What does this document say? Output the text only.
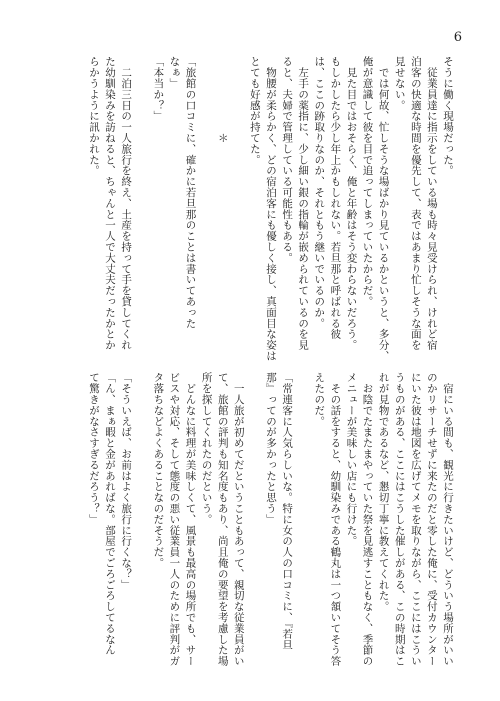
6

そうに働く現場だった。

　従業員達に指示をしている場も時々見受けられ、けれど宿

泊客の快適な時間を優先して、表ではあまり忙しそうな面を

見せない。

　では何故、忙しそうな場ばかり見ているかというと、多分、

俺が意識して彼を目で追ってしまっていたからだ。

　見た目ではおそらく、俺と年齢はそう変わらないだろう。

もしかしたら少し年上かもしれない。若旦那と呼ばれる彼

は、ここの跡取りなのか、それともう継いでいるのか。

　左手の薬指に、少し細い銀の指輪が嵌められているのを見

ると、夫婦で管理している可能性もある。

　物腰が柔らかく、どの宿泊客にも優しく接し、真面目な姿は

とても好感が持てた。

　　　　　　　＊

「旅館の口コミに、確かに若旦那のことは書いてあった

なぁ」

「本当か？」

　二泊三日の一人旅行を終え、土産を持って手を貸してくれ

た幼馴染みを訪ねると、ちゃんと一人で大丈夫だったかとか

らかうように訊かれた。

　宿にいる間も、観光に行きたいけど、どういう場所がいい

のかリサーチせずに来たのだと零した俺に、受付カウンター

にいた彼は地図を広げてメモを取りながら、ここにはこうい

うものがある、ここにはこうした催しがある、この時期はこ

れが見物であるなど、懇切丁寧に教えてくれた。

　お陰でたまたまやっていた祭を見逃すこともなく、季節の

メニューが美味しい店にも行けた。

　その話をすると、幼馴染みである鶴丸は一つ頷いてそう答

えたのだ。

「常連客に人気らしいな。特に女の人の口コミに、『若旦

那』ってのが多かったと思う」

　一人旅が初めてだということもあって、親切な従業員がい

て、旅館の評判も知名度もあり、尚且俺の要望を考慮した場

所を探してくれたのだという。

　どんなに料理が美味しくて、風景も最高の場所でも、サー

ビスや対応、そして態度の悪い従業員一人のために評判がガ

タ落ちなどよくあることなのだそうだ。

「そういえば、お前はよく旅行に行くな？」

「ん、まぁ暇と金があればな。部屋でごろごろしてるなん

て驚きがなさすぎるだろう？」
